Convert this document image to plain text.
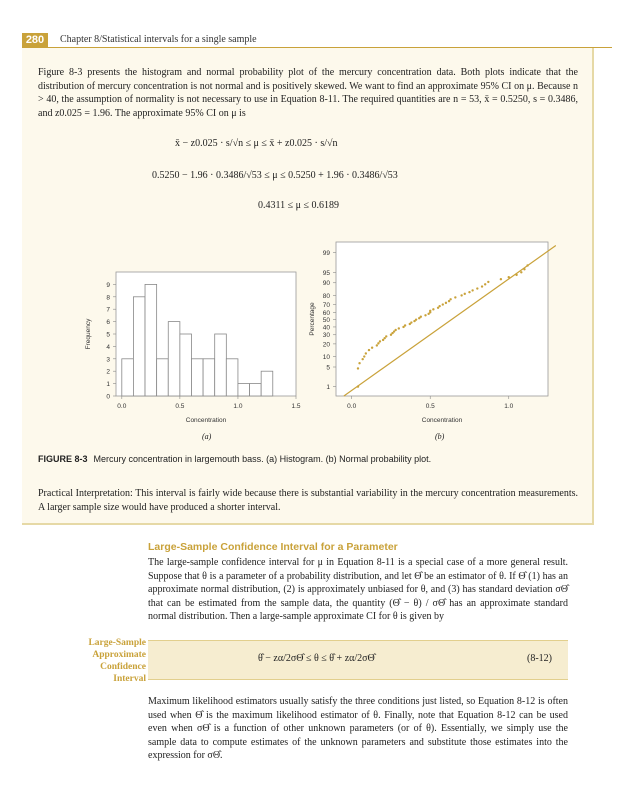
280	Chapter 8/Statistical intervals for a single sample
Figure 8-3 presents the histogram and normal probability plot of the mercury concentration data. Both plots indicate that the distribution of mercury concentration is not normal and is positively skewed. We want to find an approximate 95% CI on μ. Because n > 40, the assumption of normality is not necessary to use in Equation 8-11. The required quantities are n = 53, x̄ = 0.5250, s = 0.3486, and z0.025 = 1.96. The approximate 95% CI on μ is
x̄ − z0.025 · s/√n ≤ μ ≤ x̄ + z0.025 · s/√n
0.5250 − 1.96 · 0.3486/√53 ≤ μ ≤ 0.5250 + 1.96 · 0.3486/√53
0.4311 ≤ μ ≤ 0.6189
0
1
2
3
4
5
6
7
8
9
0.0	0.5	1.0	1.5
Concentration
Frequency
1
5
10
20
30
40
50
60
70
80
90
95
99
0.0	0.5	1.0
Concentration
Percentage
(a)	(b)
FIGURE 8-3 Mercury concentration in largemouth bass. (a) Histogram. (b) Normal probability plot.
Practical Interpretation: This interval is fairly wide because there is substantial variability in the mercury concentration measurements. A larger sample size would have produced a shorter interval.
Large-Sample Confidence Interval for a Parameter
The large-sample confidence interval for μ in Equation 8-11 is a special case of a more general result. Suppose that θ is a parameter of a probability distribution, and let Θ̂ be an estimator of θ. If Θ̂ (1) has an approximate normal distribution, (2) is approximately unbiased for θ, and (3) has standard deviation σΘ̂ that can be estimated from the sample data, the quantity (Θ̂ − θ) / σΘ̂ has an approximate standard normal distribution. Then a large-sample approximate CI for θ is given by
Large-Sample Approximate Confidence Interval
θ̂ − zα/2σΘ̂ ≤ θ ≤ θ̂ + zα/2σΘ̂	(8-12)
Maximum likelihood estimators usually satisfy the three conditions just listed, so Equation 8-12 is often used when Θ̂ is the maximum likelihood estimator of θ. Finally, note that Equation 8-12 can be used even when σΘ̂ is a function of other unknown parameters (or of θ). Essentially, we simply use the sample data to compute estimates of the unknown parameters and substitute those estimates into the expression for σΘ̂.
